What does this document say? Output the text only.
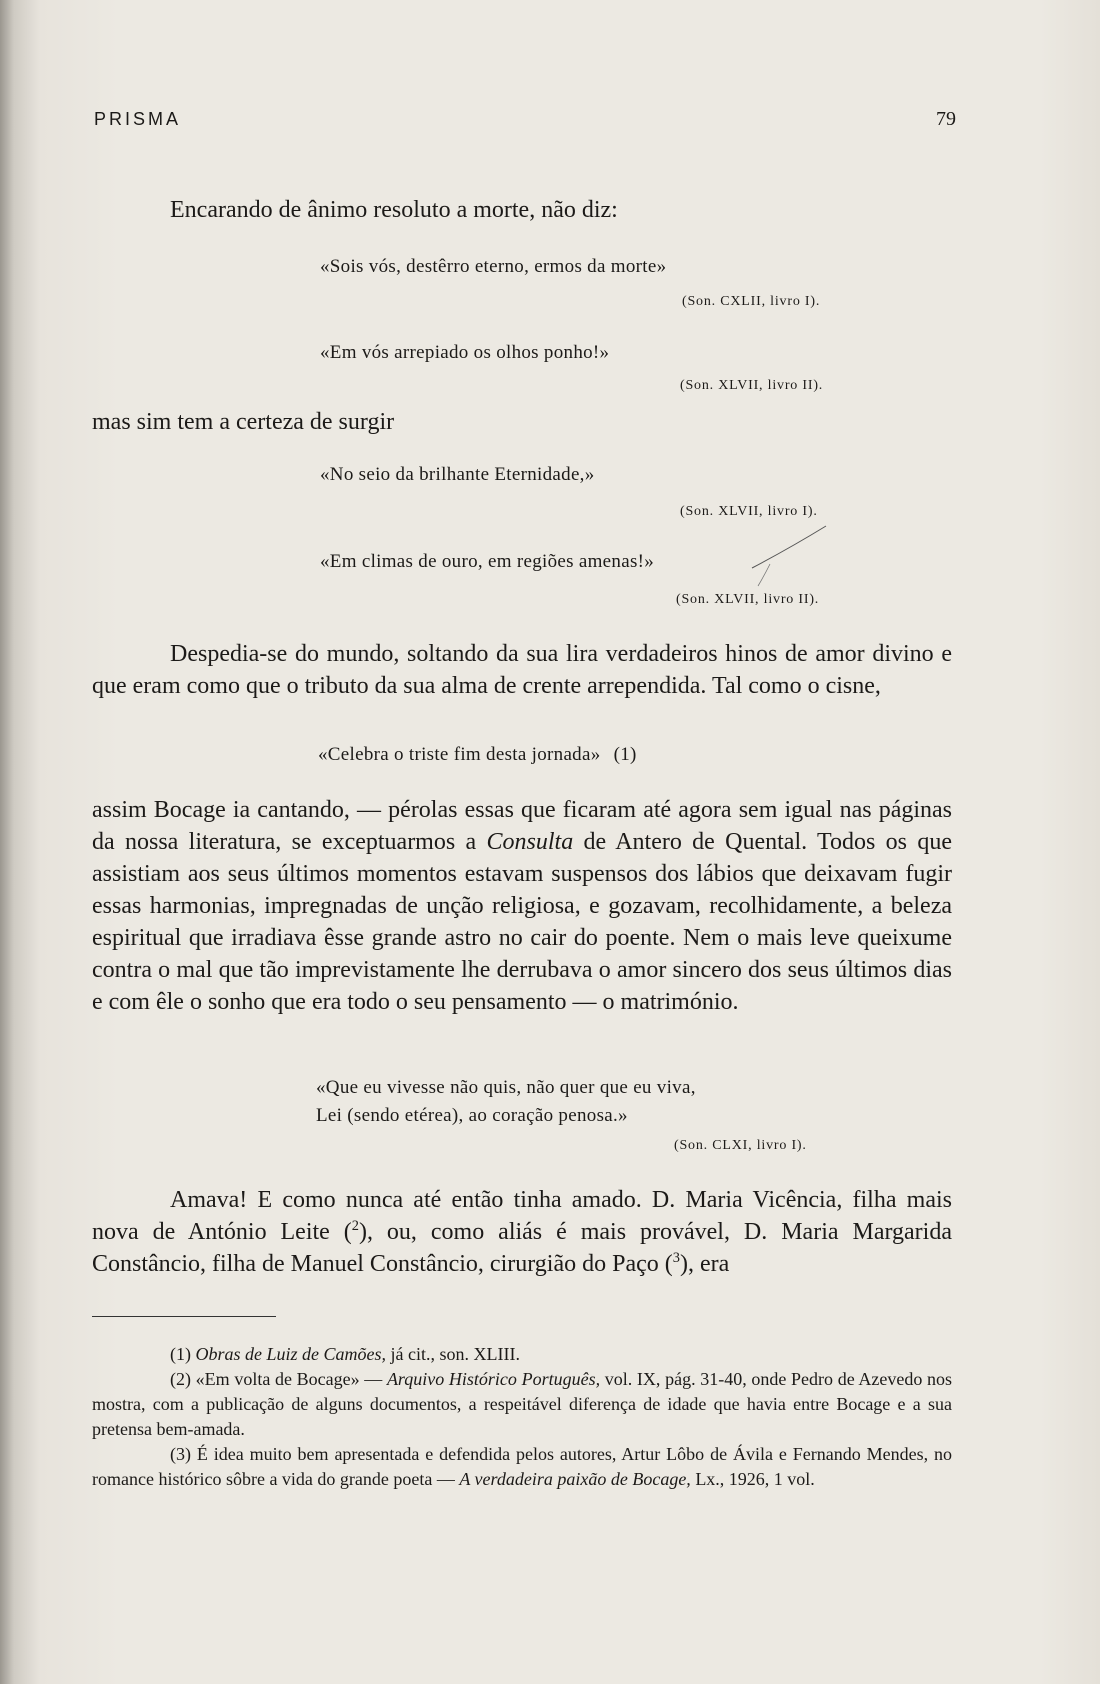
PRISMA	79

Encarando de ânimo resoluto a morte, não diz:

«Sois vós, destêrro eterno, ermos da morte»
(Son. CXLII, livro I).
«Em vós arrepiado os olhos ponho!»
(Son. XLVII, livro II).

mas sim tem a certeza de surgir

«No seio da brilhante Eternidade,»
(Son. XLVII, livro I).
«Em climas de ouro, em regiões amenas!»
(Son. XLVII, livro II).

Despedia-se do mundo, soltando da sua lira verdadeiros hinos de amor divino e que eram como que o tributo da sua alma de crente arrependida. Tal como o cisne,

«Celebra o triste fim desta jornada» (1)

assim Bocage ia cantando, — pérolas essas que ficaram até agora sem igual nas páginas da nossa literatura, se exceptuarmos a Consulta de Antero de Quental. Todos os que assistiam aos seus últimos momentos estavam suspensos dos lábios que deixavam fugir essas harmonias, impregnadas de unção religiosa, e gozavam, recolhidamente, a beleza espiritual que irradiava êsse grande astro no cair do poente. Nem o mais leve queixume contra o mal que tão imprevistamente lhe derrubava o amor sincero dos seus últimos dias e com êle o sonho que era todo o seu pensamento — o matrimónio.

«Que eu vivesse não quis, não quer que eu viva,
Lei (sendo etérea), ao coração penosa.»
(Son. CLXI, livro I).

Amava! E como nunca até então tinha amado. D. Maria Vicência, filha mais nova de António Leite ($^2$), ou, como aliás é mais provável, D. Maria Margarida Constâncio, filha de Manuel Constâncio, cirurgião do Paço ($^3$), era

(1) Obras de Luiz de Camões, já cit., son. XLIII.

(2) «Em volta de Bocage» — Arquivo Histórico Português, vol. IX, pág. 31-40, onde Pedro de Azevedo nos mostra, com a publicação de alguns documentos, a respeitável diferença de idade que havia entre Bocage e a sua pretensa bem-amada.

(3) É idea muito bem apresentada e defendida pelos autores, Artur Lôbo de Ávila e Fernando Mendes, no romance histórico sôbre a vida do grande poeta — A verdadeira paixão de Bocage, Lx., 1926, 1 vol.
